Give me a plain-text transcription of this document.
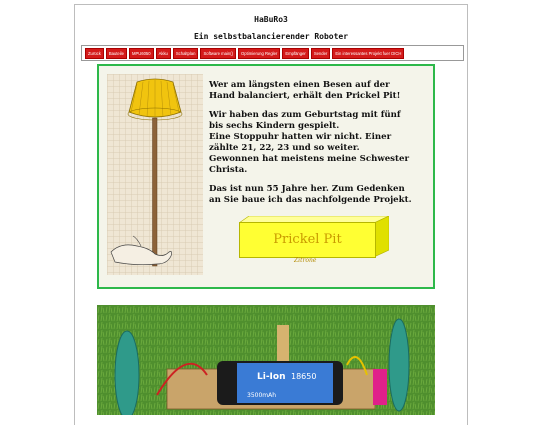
HaBuRo3
Ein selbstbalancierender Roboter
Zurück	Bauteile	MPU6050	Akku	Schaltplan	Software main()	Optimierung Regler	Empfänger	Sender	Ein interessantes Projekt fuer DICH

Wer am längsten einen Besen auf der
Hand balanciert, erhält den Prickel Pit!

Wir haben das zum Geburtstag mit fünf
bis sechs Kindern gespielt.
Eine Stoppuhr hatten wir nicht. Einer
zählte 21, 22, 23 und so weiter.
Gewonnen hat meistens meine Schwester
Christa.

Das ist nun 55 Jahre her. Zum Gedenken
an Sie baue ich das nachfolgende Projekt.

Prickel Pit
Zitrone
Li-Ion 18650
3500mAh
